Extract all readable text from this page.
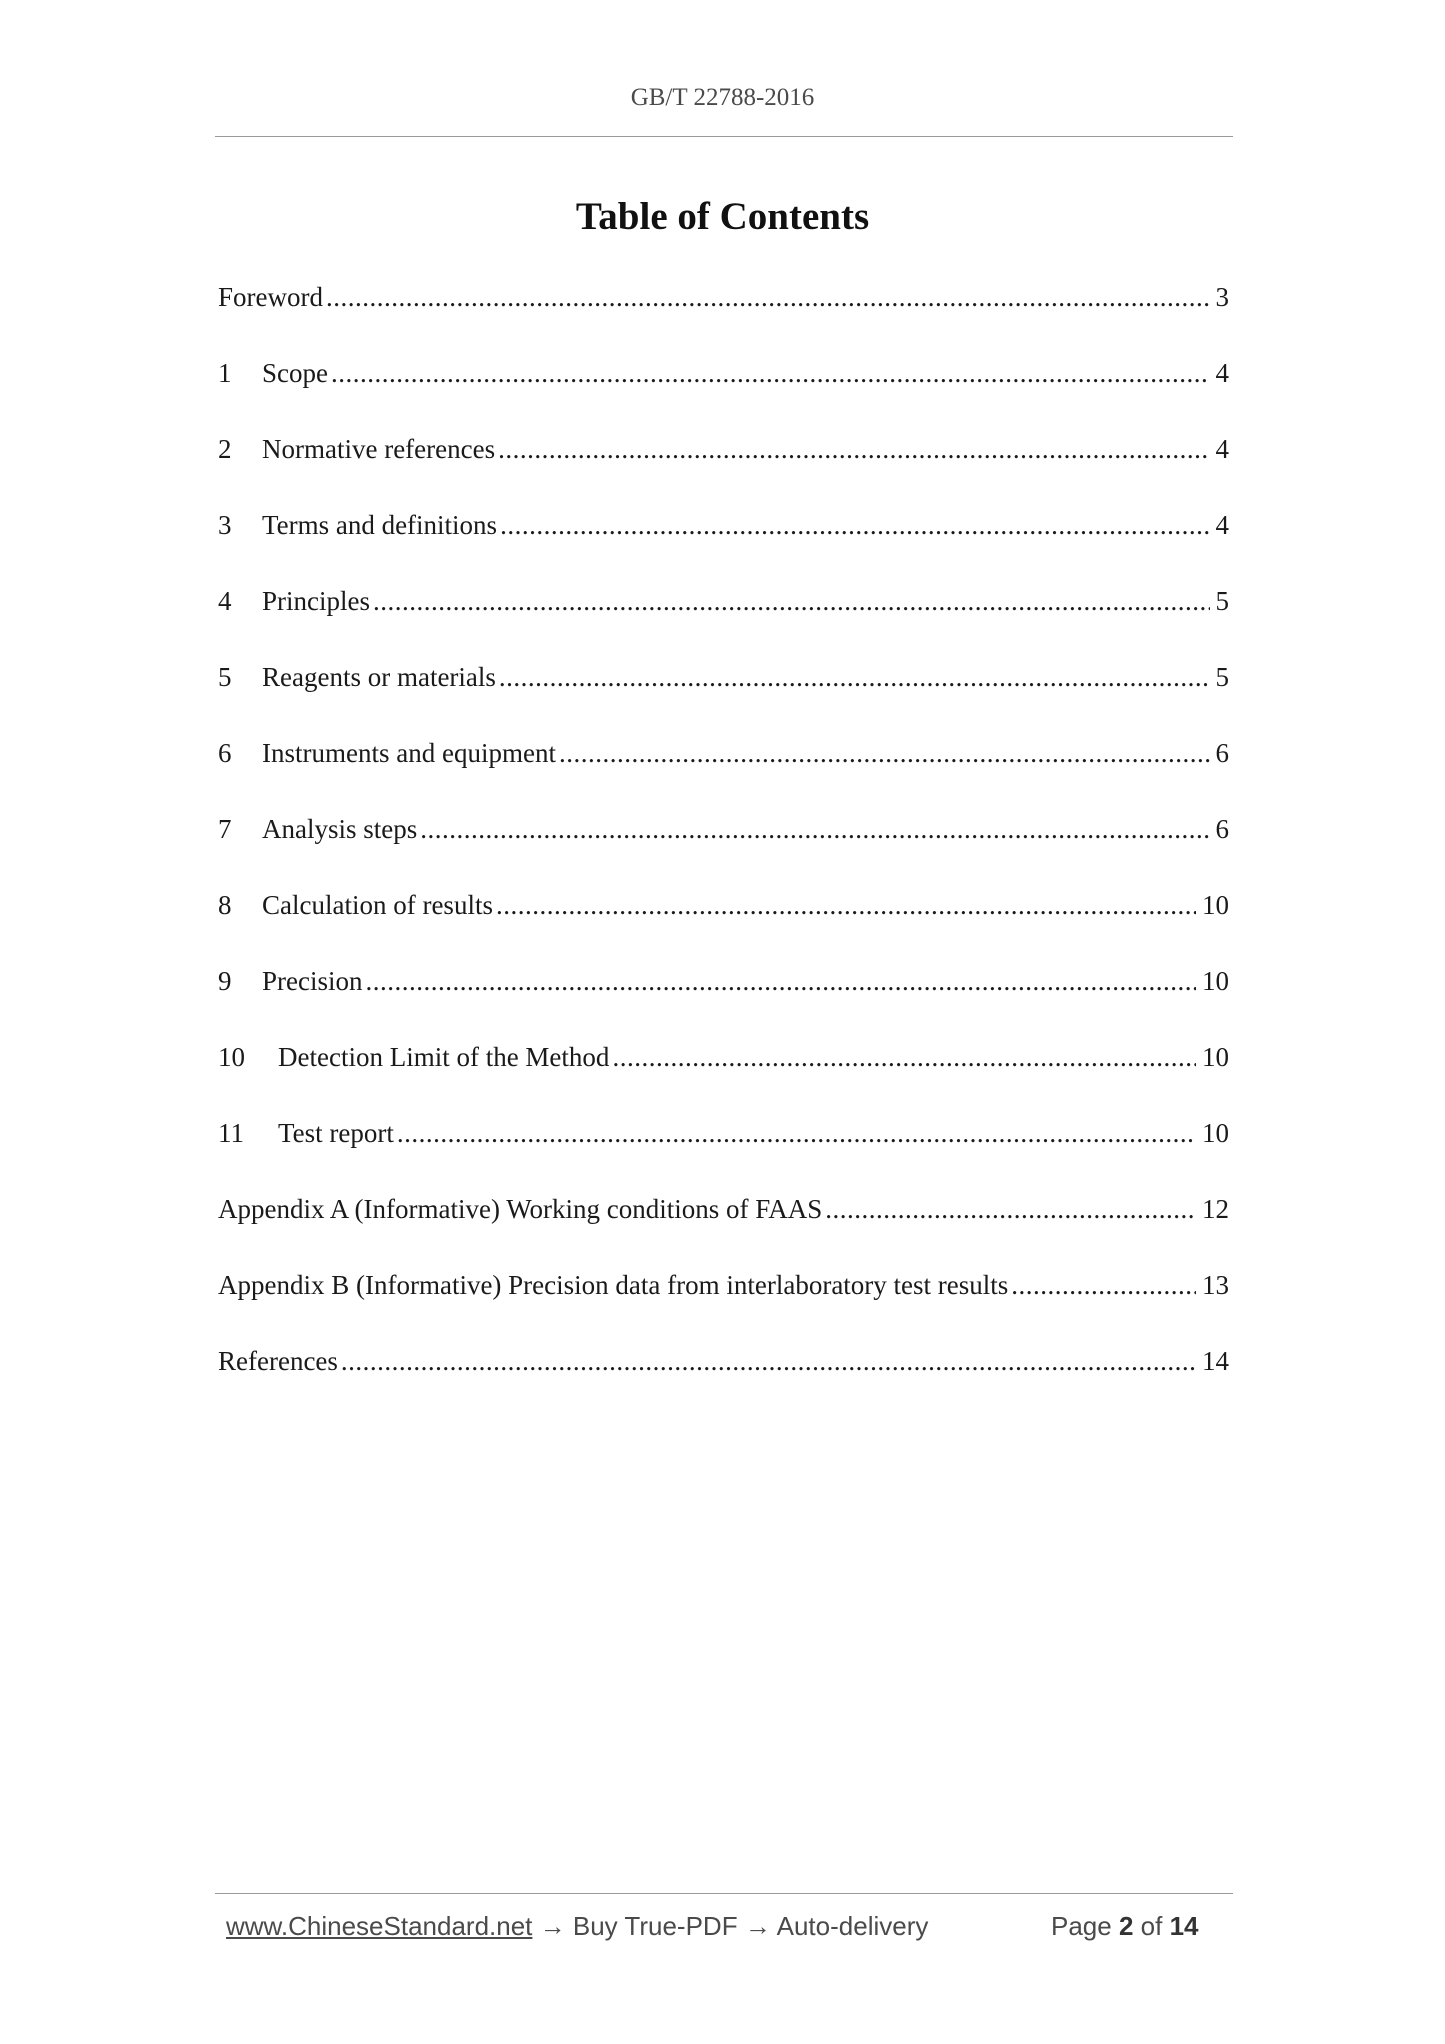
GB/T 22788-2016
Table of Contents
Foreword .....	3
1	Scope .....	4
2	Normative references .....	4
3	Terms and definitions .....	4
4	Principles .....	5
5	Reagents or materials .....	5
6	Instruments and equipment .....	6
7	Analysis steps .....	6
8	Calculation of results .....	10
9	Precision .....	10
10	Detection Limit of the Method .....	10
11	Test report .....	10
Appendix A (Informative) Working conditions of FAAS .....	12
Appendix B (Informative) Precision data from interlaboratory test results .....	13
References .....	14
www.ChineseStandard.net → Buy True-PDF → Auto-delivery	Page 2 of 14
